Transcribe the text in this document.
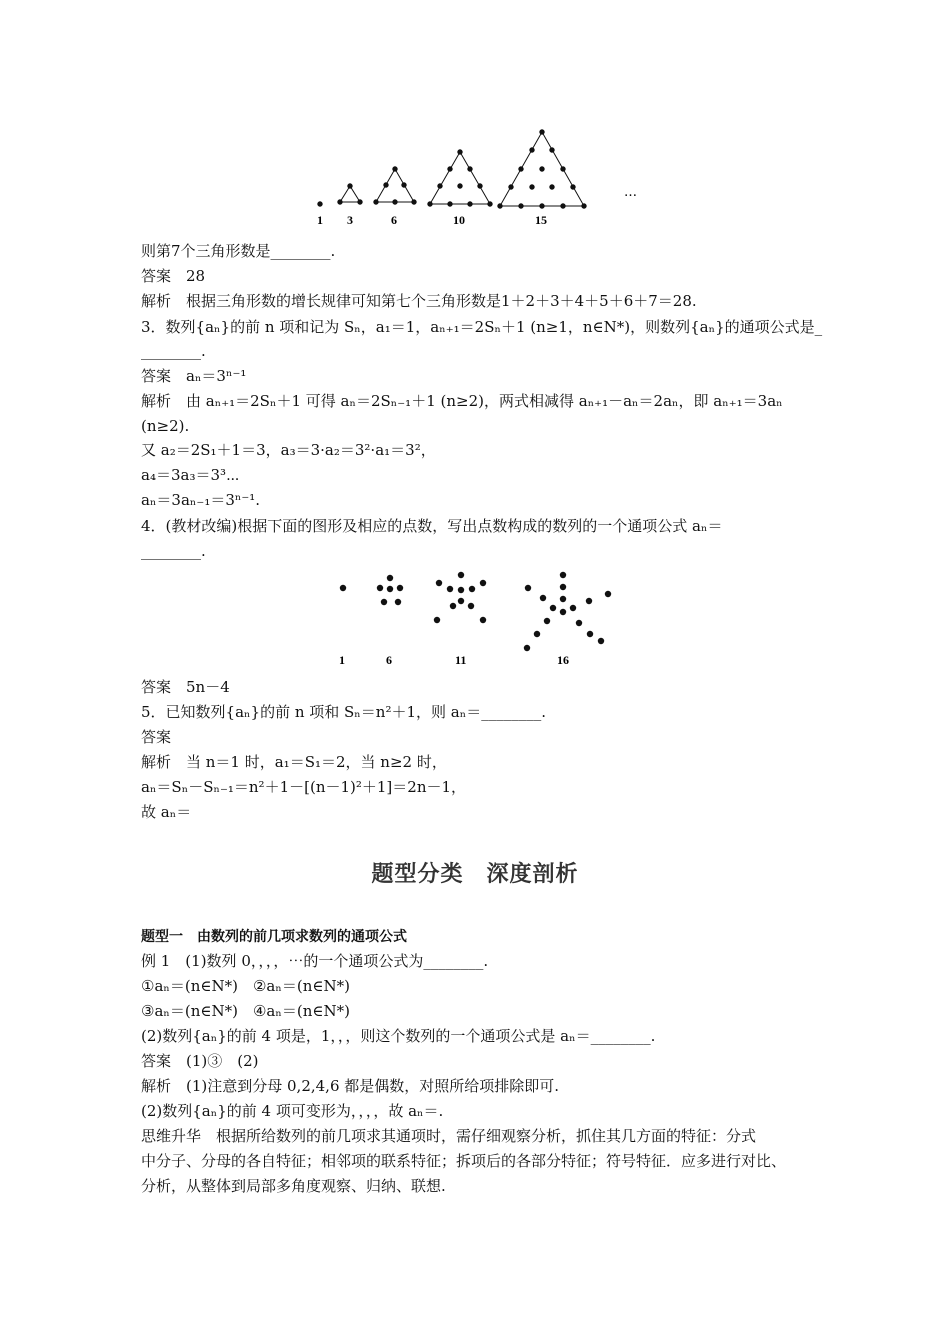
1 3	6	10	15
…
则第7个三角形数是________.
答案　28
解析　根据三角形数的增长规律可知第七个三角形数是1＋2＋3＋4＋5＋6＋7＝28.
3．数列{aₙ}的前 n 项和记为 Sₙ，a₁＝1，aₙ₊₁＝2Sₙ＋1 (n≥1，n∈N*)，则数列{aₙ}的通项公式是_
________.
答案　aₙ＝3ⁿ⁻¹
解析　由 aₙ₊₁＝2Sₙ＋1 可得 aₙ＝2Sₙ₋₁＋1 (n≥2)，两式相减得 aₙ₊₁－aₙ＝2aₙ，即 aₙ₊₁＝3aₙ
(n≥2).
又 a₂＝2S₁＋1＝3，a₃＝3·a₂＝3²·a₁＝3²，
a₄＝3a₃＝3³⋯
aₙ＝3aₙ₋₁＝3ⁿ⁻¹.
4．(教材改编)根据下面的图形及相应的点数，写出点数构成的数列的一个通项公式 aₙ＝
________.
1	6	11	16
答案　5n－4
5．已知数列{aₙ}的前 n 项和 Sₙ＝n²＋1，则 aₙ＝________.
答案
解析　当 n＝1 时，a₁＝S₁＝2，当 n≥2 时，
aₙ＝Sₙ－Sₙ₋₁＝n²＋1－[(n－1)²＋1]＝2n－1，
故 aₙ＝
题型分类　深度剖析
题型一　由数列的前几项求数列的通项公式
例 1　(1)数列 0，，，，⋯的一个通项公式为________.
①aₙ＝(n∈N*)　②aₙ＝(n∈N*)
③aₙ＝(n∈N*)　④aₙ＝(n∈N*)
(2)数列{aₙ}的前 4 项是，1，，，则这个数列的一个通项公式是 aₙ＝________.
答案　(1)③　(2)
解析　(1)注意到分母 0,2,4,6 都是偶数，对照所给项排除即可.
(2)数列{aₙ}的前 4 项可变形为，，，，故 aₙ＝.
思维升华　根据所给数列的前几项求其通项时，需仔细观察分析，抓住其几方面的特征：分式
中分子、分母的各自特征；相邻项的联系特征；拆项后的各部分特征；符号特征．应多进行对比、
分析，从整体到局部多角度观察、归纳、联想.
